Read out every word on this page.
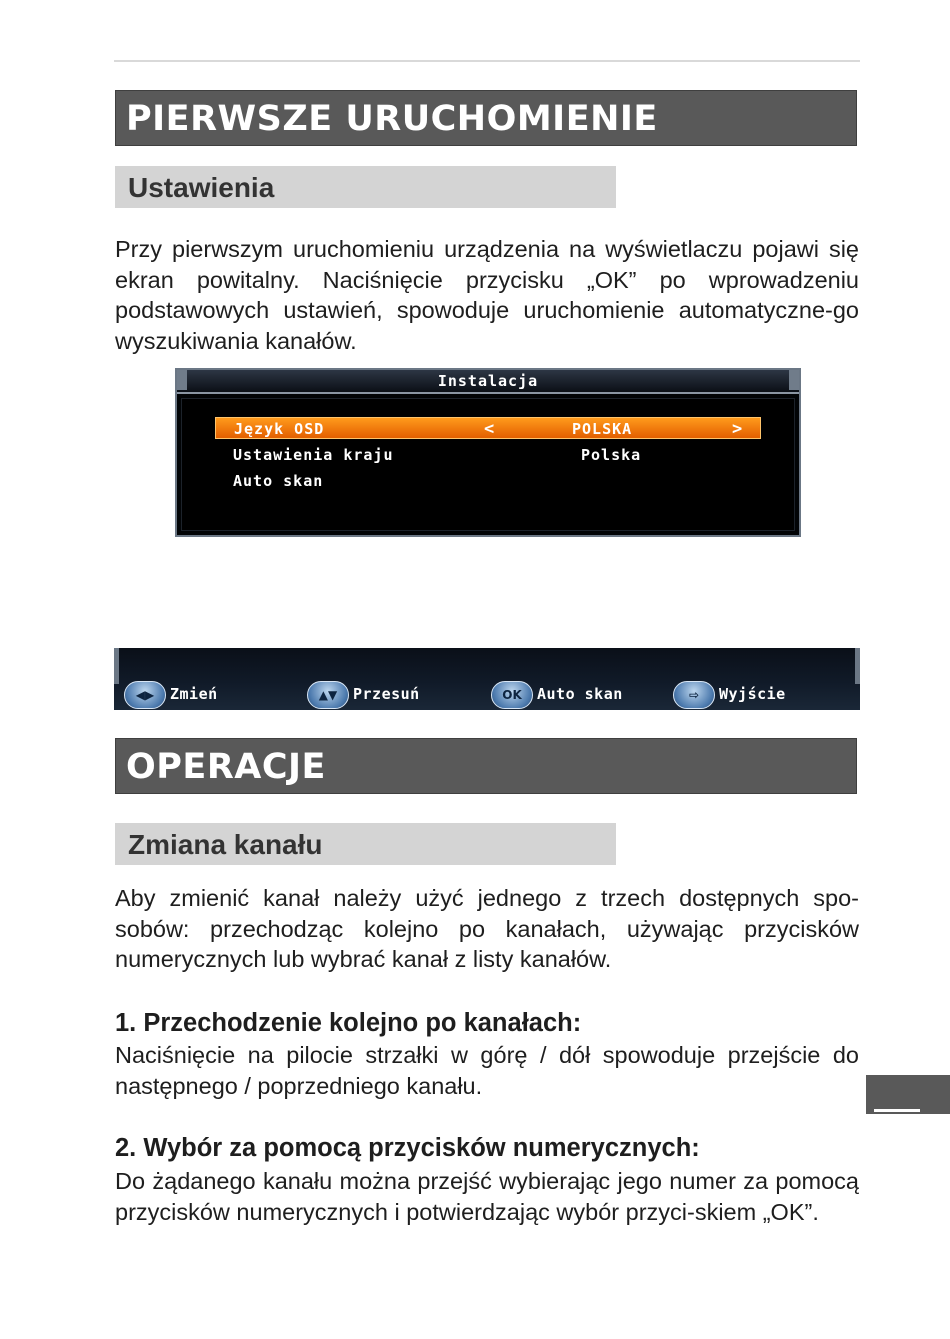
PIERWSZE URUCHOMIENIE
Ustawienia

Przy pierwszym uruchomieniu urządzenia na wyświetlaczu pojawi się ekran powitalny. Naciśnięcie przycisku „OK” po wprowadzeniu podstawowych ustawień, spowoduje uruchomienie automatyczne-go wyszukiwania kanałów.

Instalacja
Język OSD	<	POLSKA	>
Ustawienia kraju	Polska
Auto skan
◀▶	Zmień	▲▼	Przesuń	OK	Auto skan	⇨	Wyjście
OPERACJE
Zmiana kanału

Aby zmienić kanał należy użyć jednego z trzech dostępnych spo-sobów: przechodząc kolejno po kanałach, używając przycisków numerycznych lub wybrać kanał z listy kanałów.

1. Przechodzenie kolejno po kanałach:

Naciśnięcie na pilocie strzałki w górę / dół spowoduje przejście do następnego / poprzedniego kanału.

2. Wybór za pomocą przycisków numerycznych:

Do żądanego kanału można przejść wybierając jego numer za pomocą przycisków numerycznych i potwierdzając wybór przyci-skiem „OK”.
